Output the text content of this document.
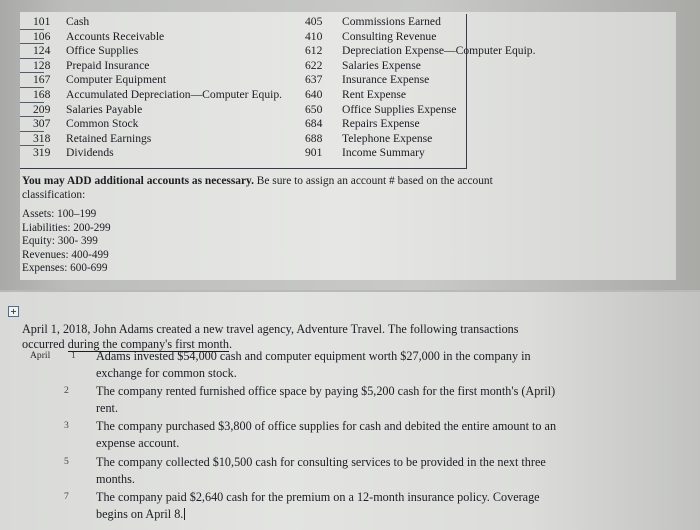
101 Cash	405	Commissions Earned
106 Accounts Receivable	410	Consulting Revenue
124 Office Supplies	612	Depreciation Expense—Computer Equip.
128 Prepaid Insurance	622	Salaries Expense
167 Computer Equipment	637	Insurance Expense
168 Accumulated Depreciation—Computer Equip. 640	Rent Expense
209 Salaries Payable	650	Office Supplies Expense
307 Common Stock	684	Repairs Expense
318 Retained Earnings	688	Telephone Expense
319 Dividends	901	Income Summary
You may ADD additional accounts as necessary. Be sure to assign an account # based on the account
classification:
Assets: 100–199
Liabilities: 200-299
Equity: 300- 399
Revenues: 400-499
Expenses: 600-699
April 1, 2018, John Adams created a new travel agency, Adventure Travel. The following transactions
occurred during the company's first month.
April 1 Adams invested $54,000 cash and computer equipment worth $27,000 in the company in
exchange for common stock.
2 The company rented furnished office space by paying $5,200 cash for the first month's (April)
rent.
3 The company purchased $3,800 of office supplies for cash and debited the entire amount to an
expense account.
5 The company collected $10,500 cash for consulting services to be provided in the next three
months.
7 The company paid $2,640 cash for the premium on a 12-month insurance policy. Coverage
begins on April 8.
